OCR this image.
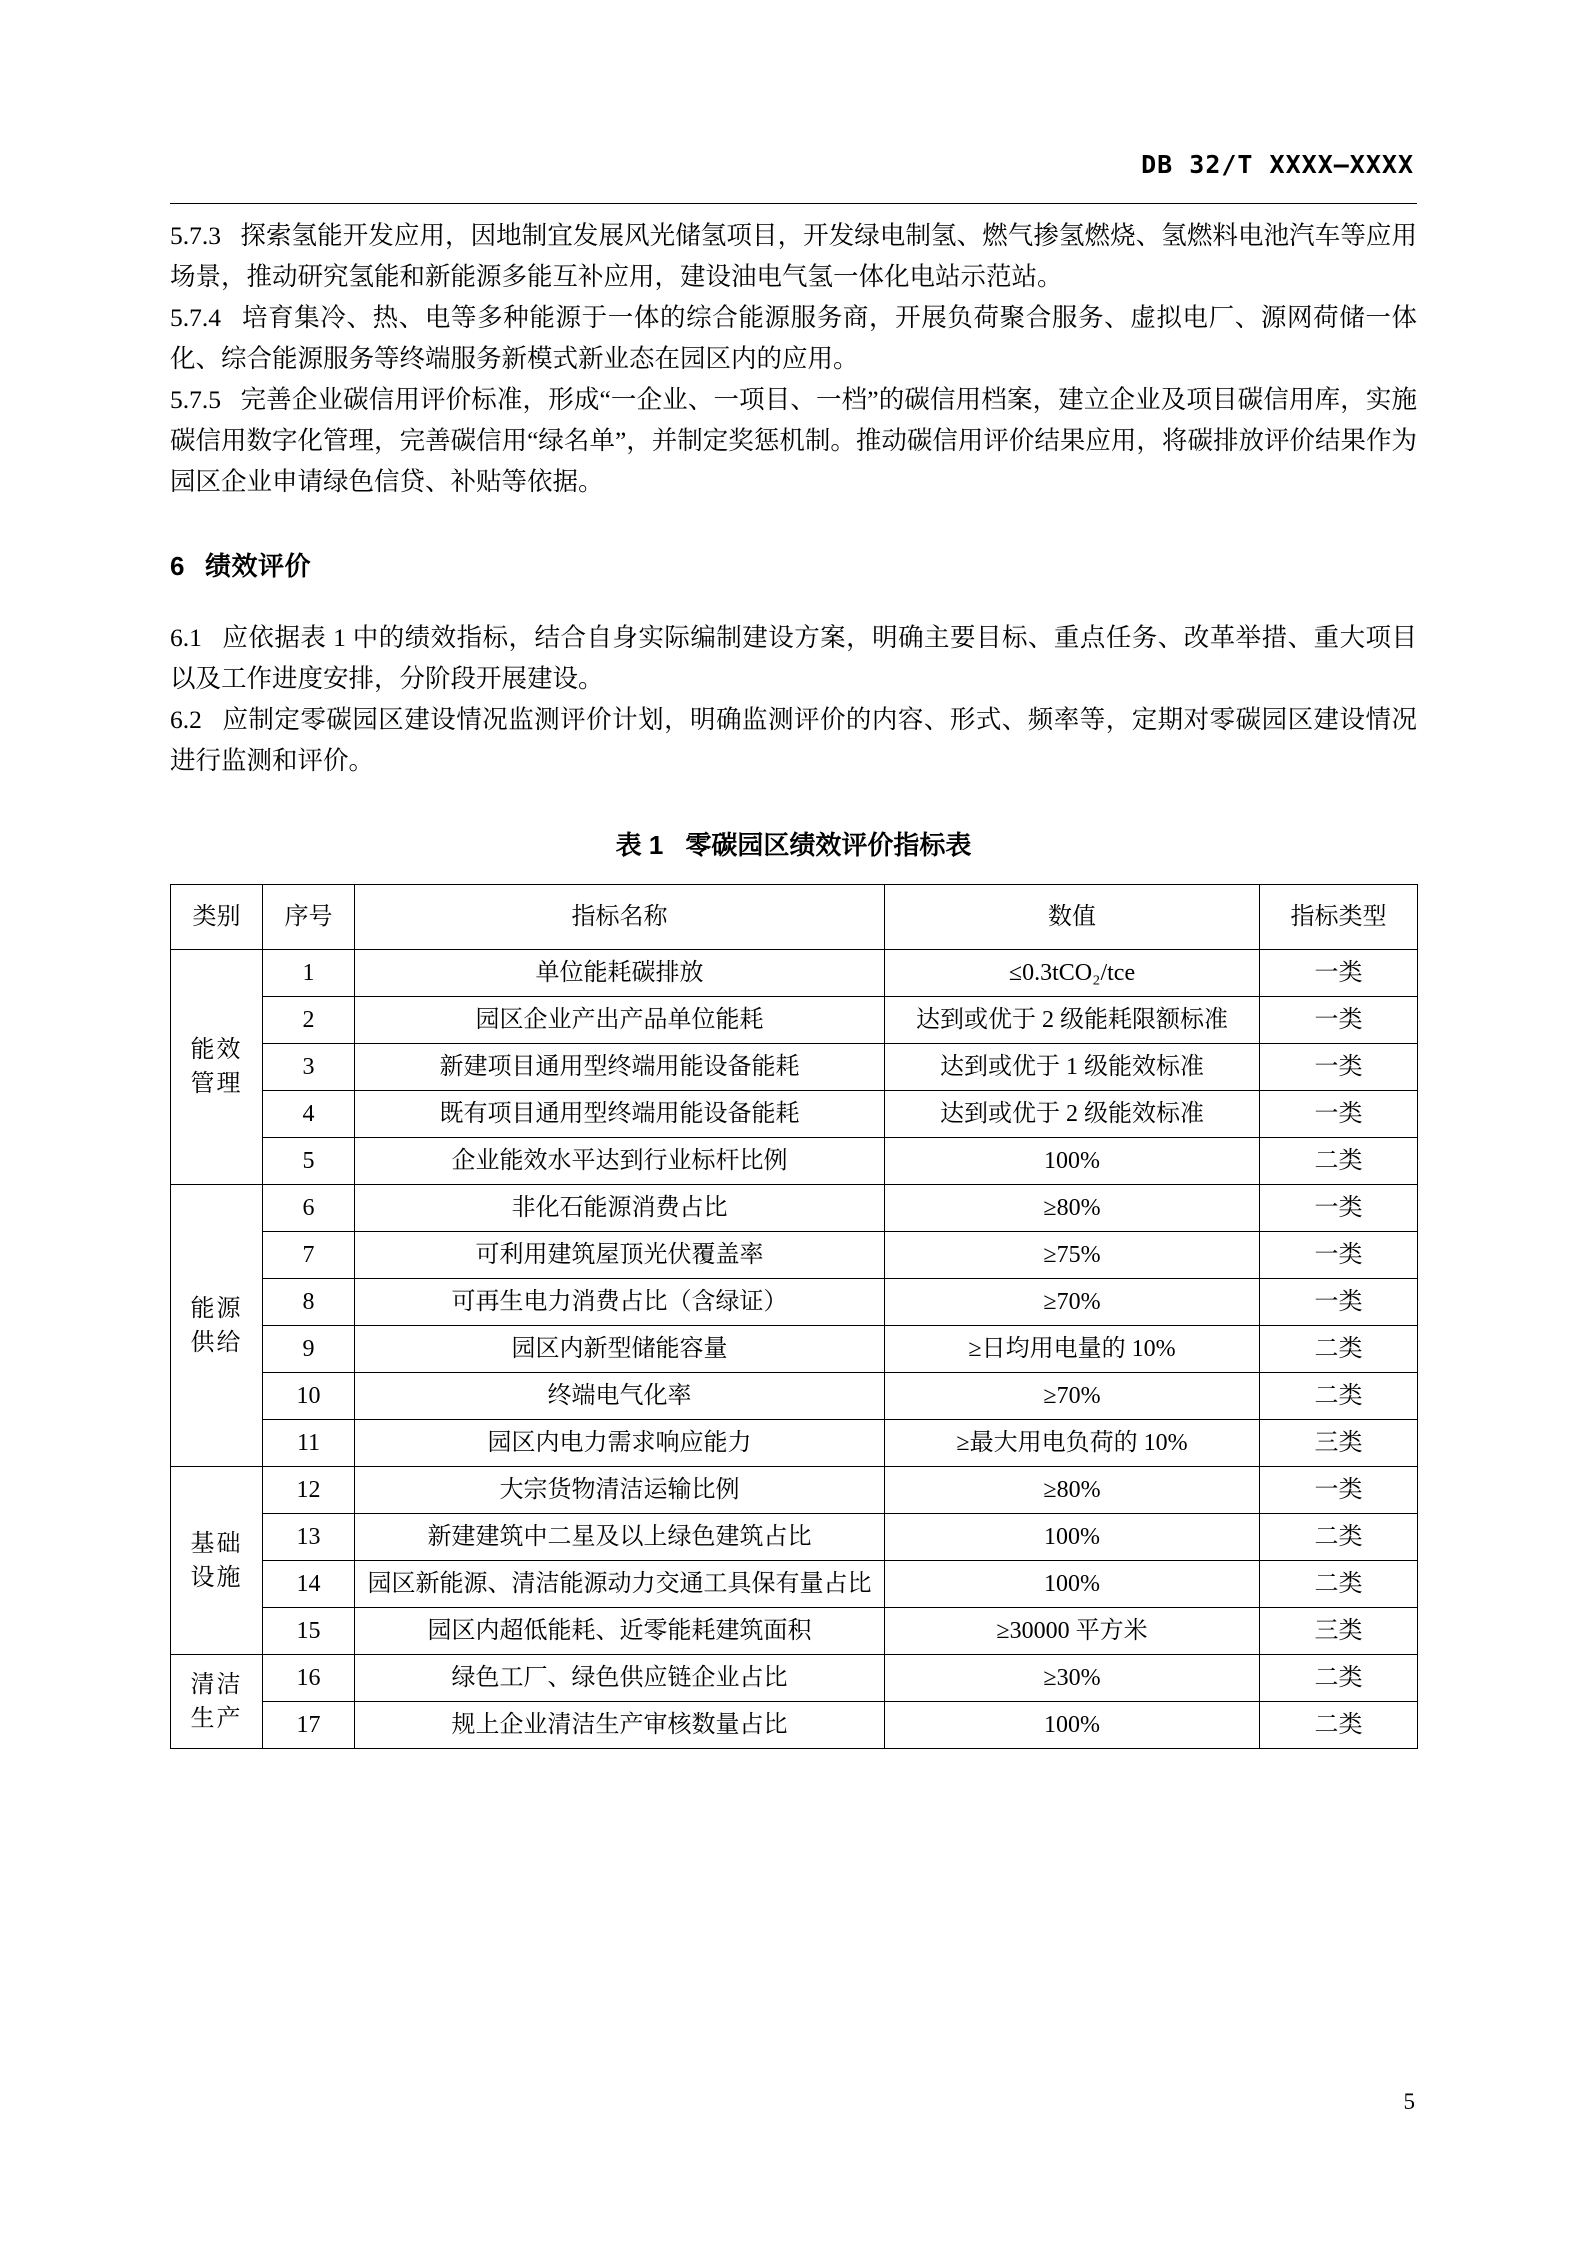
DB 32/T XXXX—XXXX

5.7.3 探索氢能开发应用，因地制宜发展风光储氢项目，开发绿电制氢、燃气掺氢燃烧、氢燃料电池汽车等应用场景，推动研究氢能和新能源多能互补应用，建设油电气氢一体化电站示范站。

5.7.4 培育集冷、热、电等多种能源于一体的综合能源服务商，开展负荷聚合服务、虚拟电厂、源网荷储一体化、综合能源服务等终端服务新模式新业态在园区内的应用。

5.7.5 完善企业碳信用评价标准，形成“一企业、一项目、一档”的碳信用档案，建立企业及项目碳信用库，实施碳信用数字化管理，完善碳信用“绿名单”，并制定奖惩机制。推动碳信用评价结果应用，将碳排放评价结果作为园区企业申请绿色信贷、补贴等依据。

6 绩效评价

6.1 应依据表 1 中的绩效指标，结合自身实际编制建设方案，明确主要目标、重点任务、改革举措、重大项目以及工作进度安排，分阶段开展建设。

6.2 应制定零碳园区建设情况监测评价计划，明确监测评价的内容、形式、频率等，定期对零碳园区建设情况进行监测和评价。

表 1 零碳园区绩效评价指标表
类别	序号	指标名称	数值	指标类型
能效
管理	1	单位能耗碳排放	≤0.3tCO₂/tce	一类
	2	园区企业产出产品单位能耗	达到或优于 2 级能耗限额标准	一类
	3	新建项目通用型终端用能设备能耗	达到或优于 1 级能效标准	一类
	4	既有项目通用型终端用能设备能耗	达到或优于 2 级能效标准	一类
	5	企业能效水平达到行业标杆比例	100%	二类
能源
供给	6	非化石能源消费占比	≥80%	一类
	7	可利用建筑屋顶光伏覆盖率	≥75%	一类
	8	可再生电力消费占比（含绿证）	≥70%	一类
	9	园区内新型储能容量	≥日均用电量的 10%	二类
	10	终端电气化率	≥70%	二类
	11	园区内电力需求响应能力	≥最大用电负荷的 10%	三类
基础
设施	12	大宗货物清洁运输比例	≥80%	一类
	13	新建建筑中二星及以上绿色建筑占比	100%	二类
	14	园区新能源、清洁能源动力交通工具保有量占比	100%	二类
	15	园区内超低能耗、近零能耗建筑面积	≥30000 平方米	三类
清洁
生产	16	绿色工厂、绿色供应链企业占比	≥30%	二类
	17	规上企业清洁生产审核数量占比	100%	二类
5
